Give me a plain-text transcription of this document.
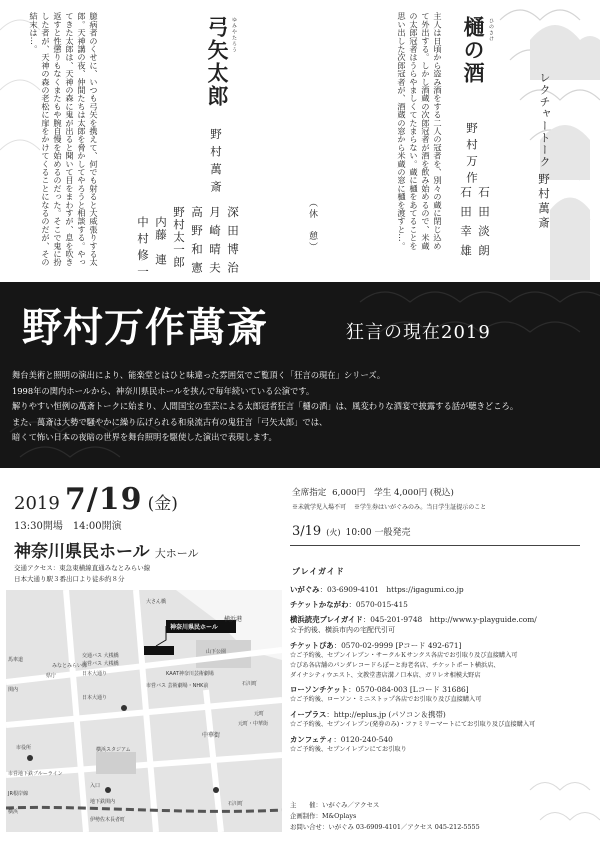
レクチャートーク
野村萬斎
ひのさけ
樋の酒
野村万作
石田淡朗
石田幸雄
主人は日頃から盗み酒をする二人の冠者を、別々の蔵に閉じ込めて外出する。しかし酒蔵の次郎冠者が酒を飲み始めるので、米蔵の太郎冠者はうらやましくてたまらない。蔵に樋をあてることを思い出した次郎冠者が、酒蔵の窓から米蔵の窓に樋を渡すと…。
（休　憩）
ゆみやたろう
弓矢太郎
野村萬斎
深田博治
月崎晴夫
高野和憲
野村太一郎
内藤　連
中村修一
臆病者のくせに、いつも弓矢を携えて、何でも射ると大威張りする太郎。天神講の夜、仲間たちは太郎を脅かしてやろうと相談する。やってきた太郎は、天神の森に鬼が出ると聞いて目をまわすが、息を吹き返すと性懲りもなくまたもや腕自慢を始めるのだった。そこで鬼に扮した者が、天神の森の老松に扉をかけてくることになるのだが、その結末は…。
野村万作萬斎	狂言の現在2019
舞台美術と照明の演出により、能楽堂とはひと味違った雰囲気でご覧頂く「狂言の現在」シリーズ。
1998年の関内ホールから、神奈川県民ホールを挟んで毎年続いている公演です。
解りやすい恒例の萬斎トークに始まり、人間国宝の至芸による太郎冠者狂言「樋の酒」は、風変わりな酒宴で披露する話が聴きどころ。
また、萬斎は大勢で騒やかに繰り広げられる和泉流古有の鬼狂言「弓矢太郎」では、
暗くて怖い日本の夜暗の世界を舞台照明を駆使した演出で表現します。
2019 7/19 (金)
13:30開場　14:00開演
神奈川県民ホール 大ホール
交通アクセス：東急東横線直通みなとみらい線
日本大通り駅３番出口より徒歩約８分
大さん橋
横浜港
神奈川県民ホール
山下公園
交通バス 大桟橋
市営バス 大桟橋
日本大通り	KAAT神奈川芸術劇場
市営バス 芸術劇場・NHK前
みなとみらい線
県庁
馬車道
関内
日本大通り
石川町
中華街
元町
元町・中華街
横浜スタジアム
市役所
市営地下鉄ブルーライン
JR根岸線
横浜
入口
地下鉄関内
伊勢佐木長者町
石川町
全席指定 6,000円 学生 4,000円 (税込)
※未就学児入場不可 ※学生券はいがぐみのみ。当日学生証提示のこと
3/19 (火) 10:00 一般発売
プレイガイド
いがぐみ：03-6909-4101　https://igagumi.co.jp
チケットかながわ：0570-015-415
横浜読売プレイガイド：045-201-9748　http://www.y-playguide.com/
☆予約後、横浜市内の宅配代引可
チケットぴあ：0570-02-9999 [Pコード 492-671]
☆ご予約後、セブンイレブン・サークルＫサンクス各店でお引取り及び直接購入可
☆ぴあ各店舗のパンダレコードらぽーと海老名店、チケットポート横浜店、
ダイナシティウエスト、文教堂書店溝ノ口本店、ガリレオ相模大野店
ローソンチケット：0570-084-003 [Lコード 31686]
☆ご予約後、ローソン・ミニストップ各店でお引取り及び直接購入可
イープラス：http://eplus.jp (パソコン＆携帯)
☆ご予約後、セブンイレブン(発券のみ)・ファミリーマートにてお引取り及び直接購入可
カンフェティ：0120-240-540
☆ご予約後、セブンイレブンにてお引取り
主　　催：いがぐみ／アクセス
企画制作：M&Oplays
お問い合せ：いがぐみ 03-6909-4101／アクセス 045-212-5555
